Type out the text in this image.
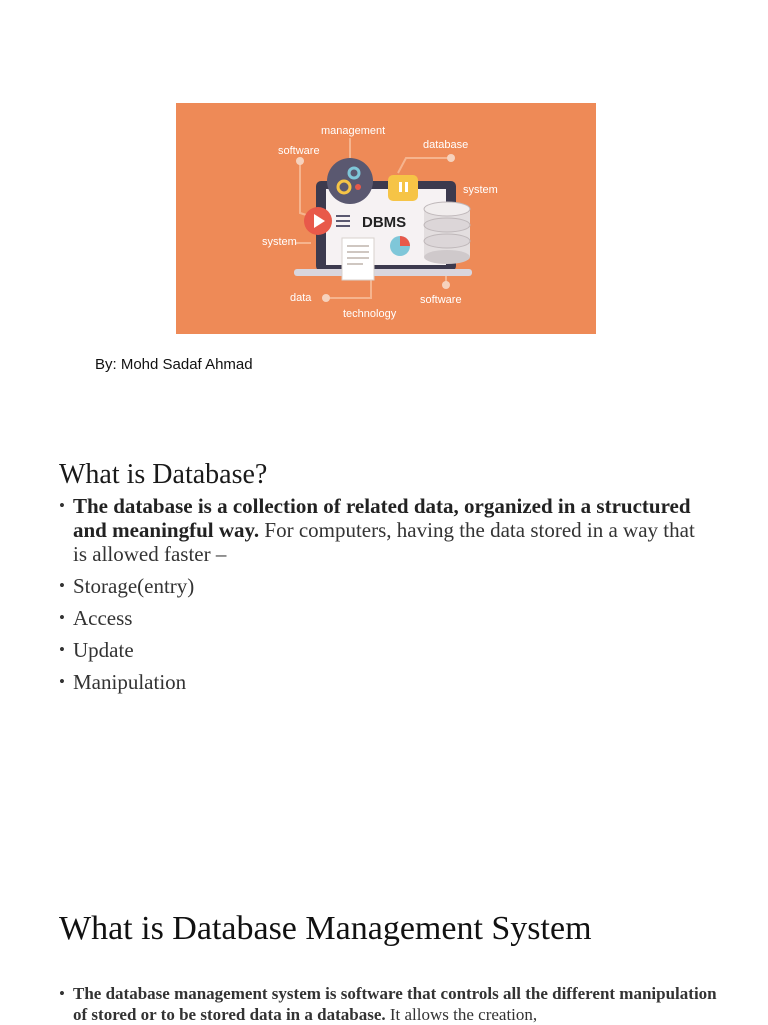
DBMS
management
software	database
system
system
data	software
technology
By: Mohd Sadaf Ahmad
What is Database?
• The database is a collection of related data, organized in a structured and meaningful way. For computers, having the data stored in a way that is allowed faster –
• Storage(entry)
• Access
• Update
• Manipulation
What is Database Management System
• The database management system is software that controls all the different manipulation of stored or to be stored data in a database. It allows the creation,
